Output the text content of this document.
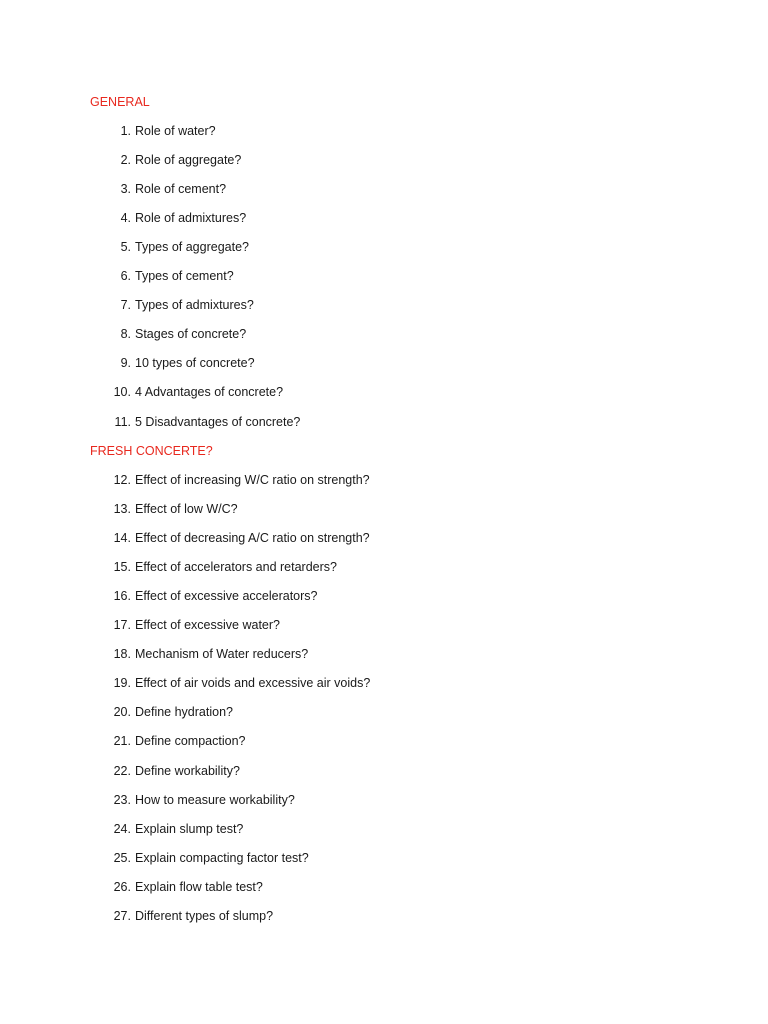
GENERAL
1. Role of water?
2. Role of aggregate?
3. Role of cement?
4. Role of admixtures?
5. Types of aggregate?
6. Types of cement?
7. Types of admixtures?
8. Stages of concrete?
9. 10 types of concrete?
10. 4 Advantages of concrete?
11. 5 Disadvantages of concrete?
FRESH CONCERTE?
12. Effect of increasing W/C ratio on strength?
13. Effect of low W/C?
14. Effect of decreasing A/C ratio on strength?
15. Effect of accelerators and retarders?
16. Effect of excessive accelerators?
17. Effect of excessive water?
18. Mechanism of Water reducers?
19. Effect of air voids and excessive air voids?
20. Define hydration?
21. Define compaction?
22. Define workability?
23. How to measure workability?
24. Explain slump test?
25. Explain compacting factor test?
26. Explain flow table test?
27. Different types of slump?
